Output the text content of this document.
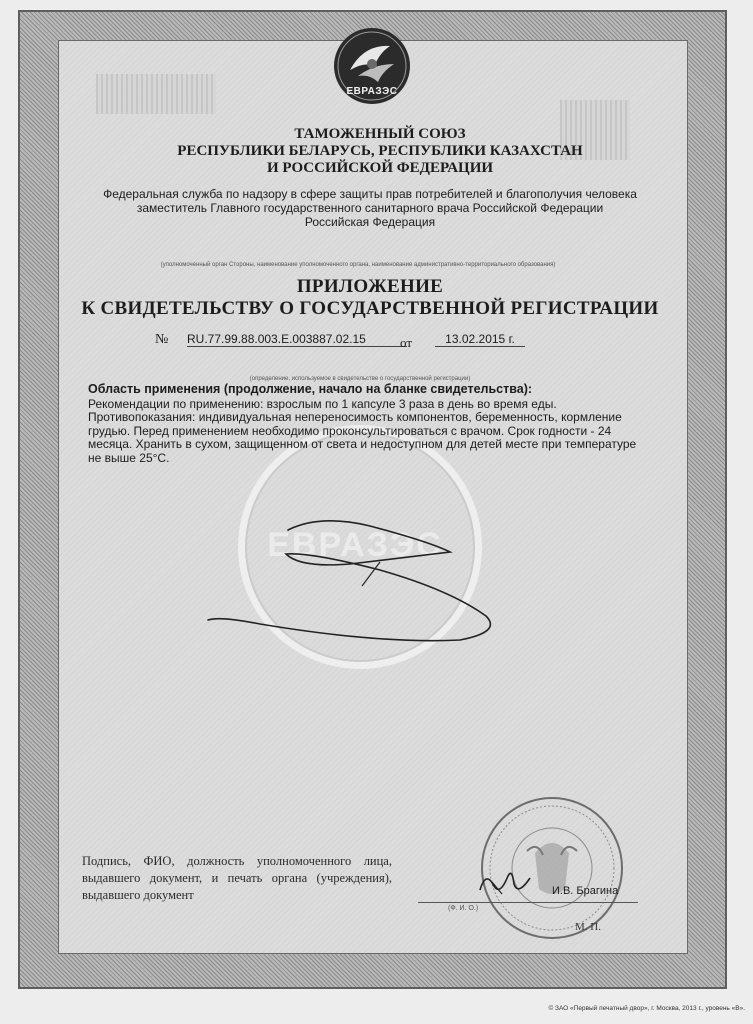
ЕВРАЗЭС
ТАМОЖЕННЫЙ СОЮЗ
РЕСПУБЛИКИ БЕЛАРУСЬ, РЕСПУБЛИКИ КАЗАХСТАН
И РОССИЙСКОЙ ФЕДЕРАЦИИ
Федеральная служба по надзору в сфере защиты прав потребителей и благополучия человека
заместитель Главного государственного санитарного врача Российской Федерации
Российская Федерация
(уполномоченный орган Стороны, наименование уполномоченного органа, наименование административно-территориального образования)
ПРИЛОЖЕНИЕ
К СВИДЕТЕЛЬСТВУ О ГОСУДАРСТВЕННОЙ РЕГИСТРАЦИИ
№ RU.77.99.88.003.E.003887.02.15	от	13.02.2015 г.
(определение, используемое в свидетельстве о государственной регистрации)
ЕВРАЗЭС
Область применения (продолжение, начало на бланке свидетельства):
Рекомендации по применению: взрослым по 1 капсуле 3 раза в день во время еды. Противопоказания: индивидуальная непереносимость компонентов, беременность, кормление грудью. Перед применением необходимо проконсультироваться с врачом. Срок годности - 24 месяца. Хранить в сухом, защищенном от света и недоступном для детей месте при температуре не выше 25°C.
Подпись, ФИО, должность уполномоченного лица, выдавшего документ, и печать органа (учреждения), выдавшего документ	И.В. Брагина
(Ф. И. О.)
М. П.
© ЗАО «Первый печатный двор», г. Москва, 2013 г., уровень «В».
